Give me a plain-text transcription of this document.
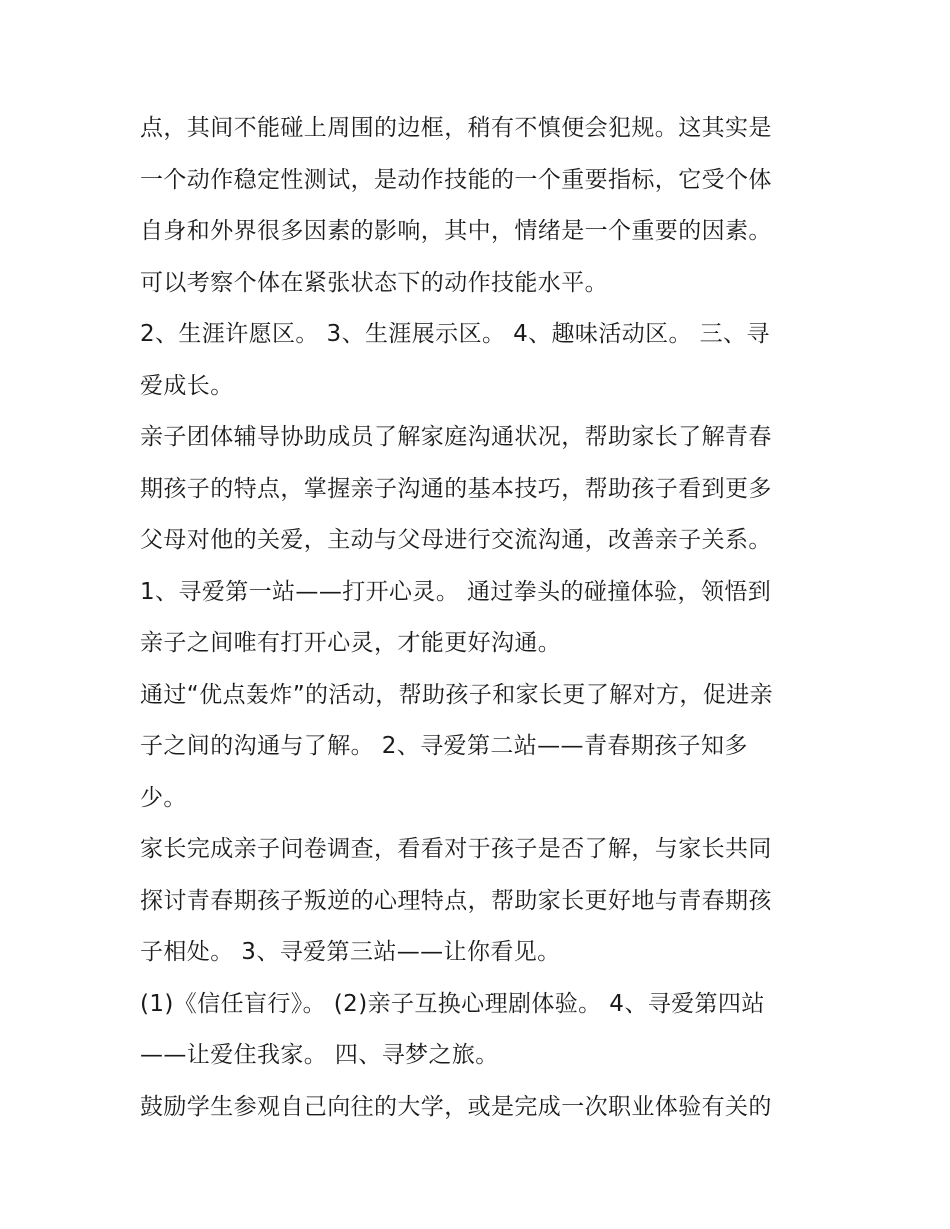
点，其间不能碰上周围的边框，稍有不慎便会犯规。这其实是
一个动作稳定性测试，是动作技能的一个重要指标，它受个体
自身和外界很多因素的影响，其中，情绪是一个重要的因素。
可以考察个体在紧张状态下的动作技能水平。
2、生涯许愿区。 3、生涯展示区。 4、趣味活动区。 三、寻
爱成长。
亲子团体辅导协助成员了解家庭沟通状况，帮助家长了解青春
期孩子的特点，掌握亲子沟通的基本技巧，帮助孩子看到更多
父母对他的关爱，主动与父母进行交流沟通，改善亲子关系。
1、寻爱第一站——打开心灵。 通过拳头的碰撞体验，领悟到
亲子之间唯有打开心灵，才能更好沟通。
通过“优点轰炸”的活动，帮助孩子和家长更了解对方，促进亲
子之间的沟通与了解。 2、寻爱第二站——青春期孩子知多
少。
家长完成亲子问卷调查，看看对于孩子是否了解，与家长共同
探讨青春期孩子叛逆的心理特点，帮助家长更好地与青春期孩
子相处。 3、寻爱第三站——让你看见。
(1)《信任盲行》。 (2)亲子互换心理剧体验。 4、寻爱第四站
——让爱住我家。 四、寻梦之旅。
鼓励学生参观自己向往的大学，或是完成一次职业体验有关的
